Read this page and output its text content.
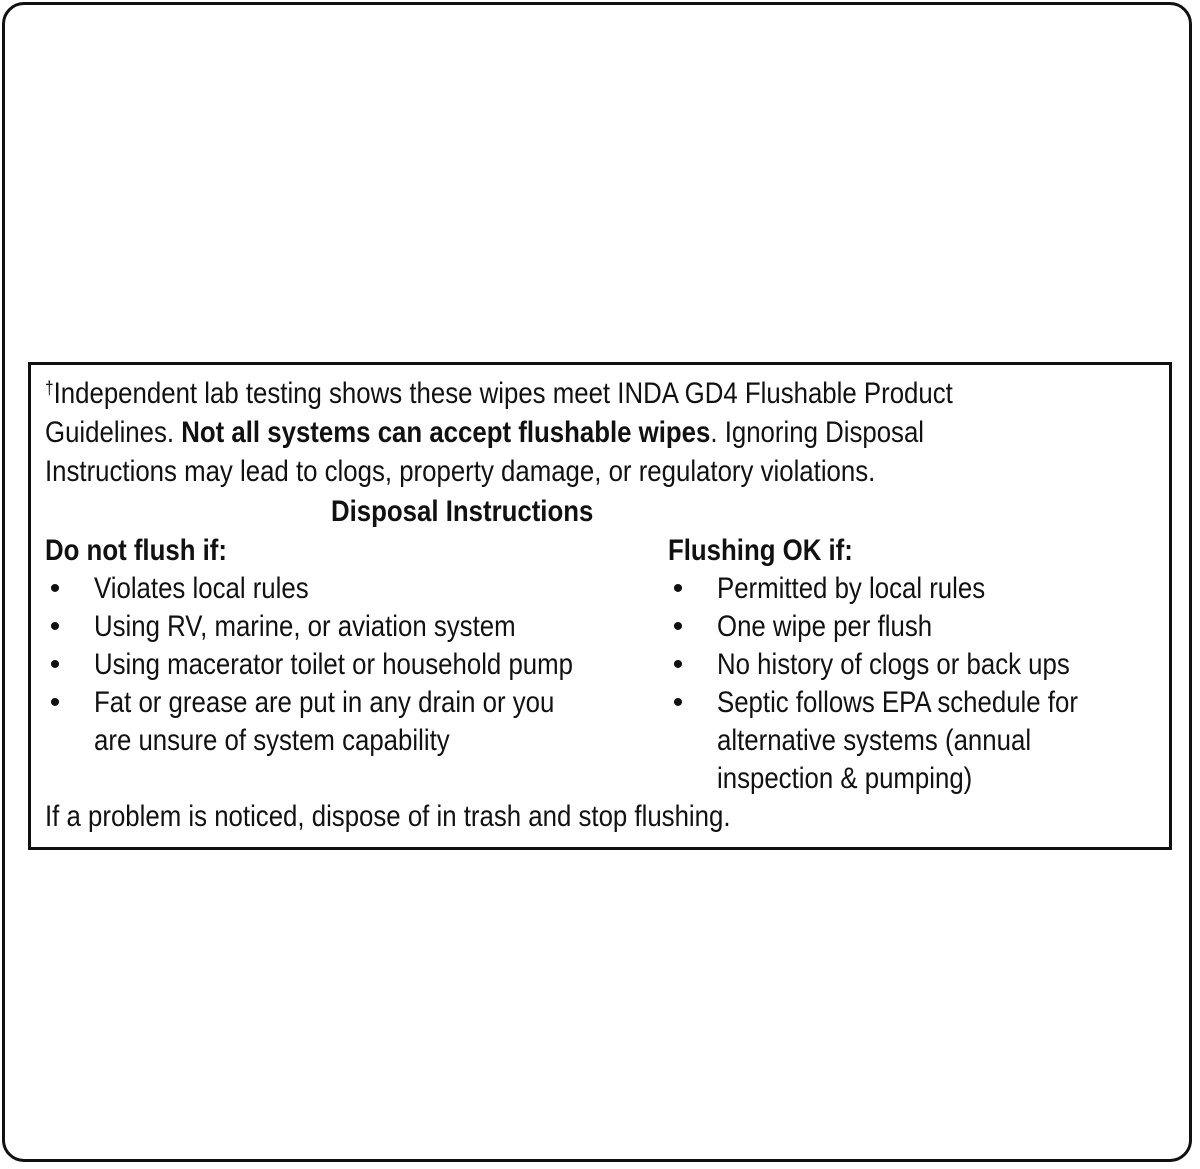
†Independent lab testing shows these wipes meet INDA GD4 Flushable Product

Guidelines. Not all systems can accept flushable wipes. Ignoring Disposal

Instructions may lead to clogs, property damage, or regulatory violations.

Disposal Instructions

Do not flush if:

• Violates local rules

• Using RV, marine, or aviation system

• Using macerator toilet or household pump

• Fat or grease are put in any drain or you

are unsure of system capability

Flushing OK if:

• Permitted by local rules

• One wipe per flush

• No history of clogs or back ups

• Septic follows EPA schedule for

alternative systems (annual

inspection & pumping)

If a problem is noticed, dispose of in trash and stop flushing.
